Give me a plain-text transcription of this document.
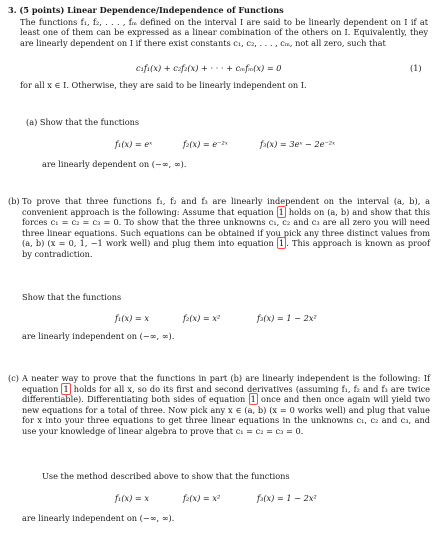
3. (5 points) Linear Dependence/Independence of Functions

The functions f₁, f₂, . . . , fₘ defined on the interval I are said to be linearly dependent on I if at least one of them can be expressed as a linear combination of the others on I. Equivalently, they are linearly dependent on I if there exist constants c₁, c₂, . . . , cₘ, not all zero, such that

c₁f₁(x) + c₂f₂(x) + · · · + cₘfₘ(x) = 0	(1)

for all x ∈ I. Otherwise, they are said to be linearly independent on I.

(a) Show that the functions

f₁(x) = eˣ	f₂(x) = e⁻²ˣ	f₃(x) = 3eˣ − 2e⁻²ˣ

are linearly dependent on (−∞, ∞).

(b) To prove that three functions f₁, f₂ and f₃ are linearly independent on the interval (a, b), a convenient approach is the following: Assume that equation 1 holds on (a, b) and show that this forces c₁ = c₂ = c₃ = 0. To show that the three unknowns c₁, c₂ and c₃ are all zero you will need three linear equations. Such equations can be obtained if you pick any three distinct values from (a, b) (x = 0, 1, −1 work well) and plug them into equation 1 . This approach is known as proof by contradiction.

Show that the functions

f₁(x) = x	f₂(x) = x²	f₃(x) = 1 − 2x²

are linearly independent on (−∞, ∞).

(c) A neater way to prove that the functions in part (b) are linearly independent is the following: If equation 1 holds for all x, so do its first and second derivatives (assuming f₁, f₂ and f₃ are twice differentiable). Differentiating both sides of equation 1 once and then once again will yield two new equations for a total of three. Now pick any x ∈ (a, b) (x = 0 works well) and plug that value for x into your three equations to get three linear equations in the unknowns c₁, c₂ and c₃, and use your knowledge of linear algebra to prove that c₁ = c₂ = c₃ = 0.

Use the method described above to show that the functions

f₁(x) = x	f₂(x) = x²	f₃(x) = 1 − 2x²

are linearly independent on (−∞, ∞).
